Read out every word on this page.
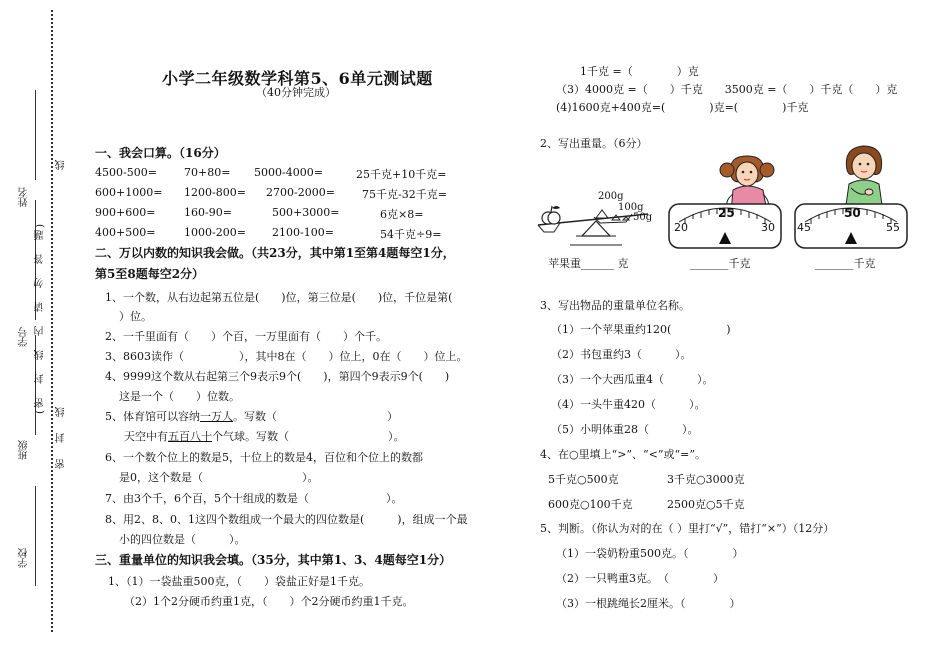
学校
班级
学号
姓名
(密　封　线　内　请　勿　答　题)
密　封　线
线
小学二年级数学科第5、6单元测试题
（40分钟完成）
一、我会口算。（16分）
4500-500= 70+80= 5000-4000=	25千克+10千克=
600+1000= 1200-800= 2700-2000= 75千克-32千克=
900+600=	160-90=	500+3000=	6克×8=
400+500=	1000-200= 2100-100=	54千克÷9=
二、万以内数的知识我会做。（共23分，其中第1至第4题每空1分，
第5至8题每空2分）
1、一个数，从右边起第五位是(　　)位，第三位是(　　)位，千位是第(
）位。
2、一千里面有（　　）个百，一万里面有（　　）个千。
3、8603读作（　　　　　），其中8在（　　）位上，0在（　　）位上。
4、9999这个数从右起第三个9表示9个(　　)，第四个9表示9个(　　)
这是一个（　　）位数。
5、体育馆可以容纳一万人。写数（　　　　　　　　　　）
天空中有五百八十个气球。写数（　　　　　　　　　）。
6、一个数个位上的数是5，十位上的数是4，百位和个位上的数都
是0，这个数是（　　　　　　　　　）。
7、由3个千，6个百，5个十组成的数是（　　　　　　　）。
8、用2、8、0、1这四个数组成一个最大的四位数是(　　　)，组成一个最
小的四位数是（　　　）。
三、重量单位的知识我会填。（35分，其中第1、3、4题每空1分）
1、（1）一袋盐重500克，（　　）袋盐正好是1千克。
（2）1个2分硬币约重1克，（　　）个2分硬币约重1千克。
1千克 =（　　　　）克
（3）4000克 =（　　）千克　　3500克 =（　　）千克（　　）克
(4)1600克+400克=(　　　　)克=(　　　　)千克
2、写出重量。（6分）
200g
100g
50g
苹果重______ 克
25
20	30
_______千克
50
45	55
_______千克
3、写出物品的重量单位名称。
（1）一个苹果重约120(　　　　　)
（2）书包重约3（　　　）。
（3）一个大西瓜重4（　　　）。
（4）一头牛重420（　　　）。
（5）小明体重28（　　　）。
4、在○里填上“>”、“<”或“=”。
5千克○500克	3千克○3000克
600克○100千克	2500克○5千克
5、判断。（你认为对的在（ ）里打“√”，错打“×”）（12分）
（1）一袋奶粉重500克。（　　　　）
（2）一只鸭重3克。　（　　　　）
（3）一根跳绳长2厘米。（　　　　）
